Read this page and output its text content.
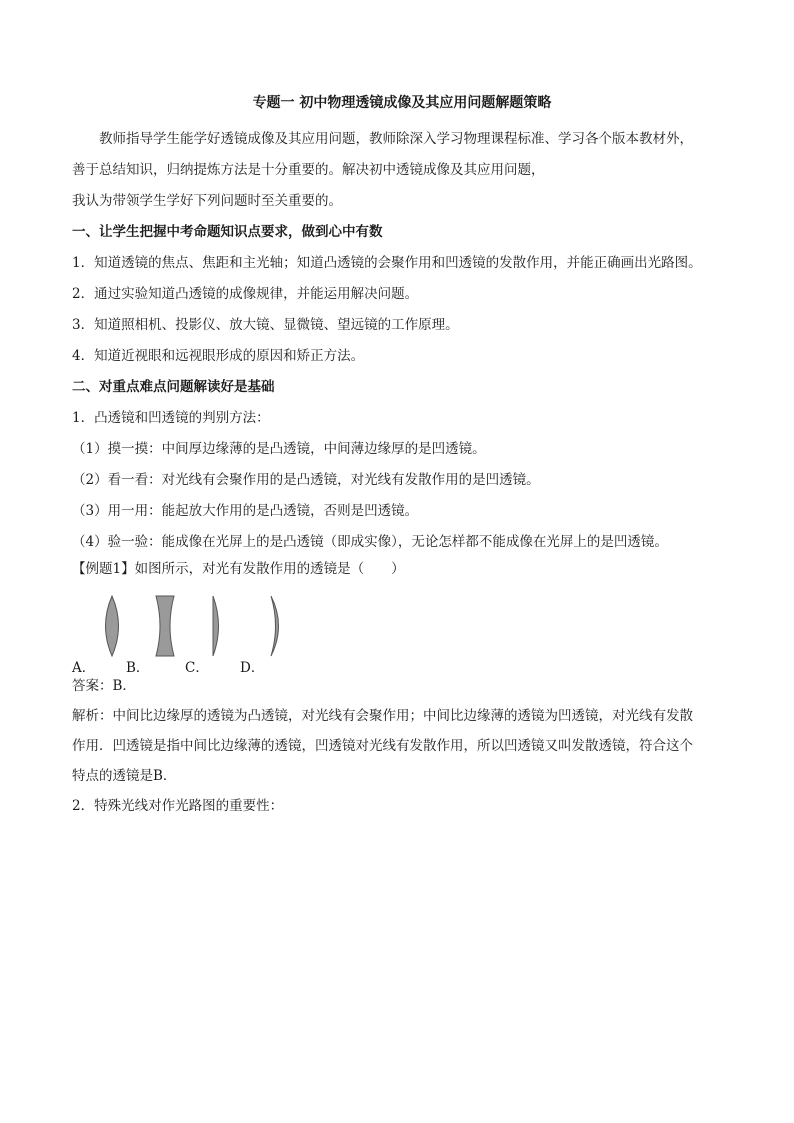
专题一 初中物理透镜成像及其应用问题解题策略

教师指导学生能学好透镜成像及其应用问题，教师除深入学习物理课程标准、学习各个版本教材外，

善于总结知识，归纳提炼方法是十分重要的。解决初中透镜成像及其应用问题，

我认为带领学生学好下列问题时至关重要的。

一、让学生把握中考命题知识点要求，做到心中有数

1．知道透镜的焦点、焦距和主光轴；知道凸透镜的会聚作用和凹透镜的发散作用，并能正确画出光路图。

2．通过实验知道凸透镜的成像规律，并能运用解决问题。

3．知道照相机、投影仪、放大镜、显微镜、望远镜的工作原理。

4．知道近视眼和远视眼形成的原因和矫正方法。

二、对重点难点问题解读好是基础

1．凸透镜和凹透镜的判别方法：

（1）摸一摸：中间厚边缘薄的是凸透镜，中间薄边缘厚的是凹透镜。

（2）看一看：对光线有会聚作用的是凸透镜，对光线有发散作用的是凹透镜。

（3）用一用：能起放大作用的是凸透镜，否则是凹透镜。

（4）验一验：能成像在光屏上的是凸透镜（即成实像），无论怎样都不能成像在光屏上的是凹透镜。

【例题1】如图所示，对光有发散作用的透镜是（　　）

A． B．	C． D．

答案：B．

解析：中间比边缘厚的透镜为凸透镜，对光线有会聚作用；中间比边缘薄的透镜为凹透镜，对光线有发散

作用．凹透镜是指中间比边缘薄的透镜，凹透镜对光线有发散作用，所以凹透镜又叫发散透镜，符合这个

特点的透镜是B．

2．特殊光线对作光路图的重要性：
